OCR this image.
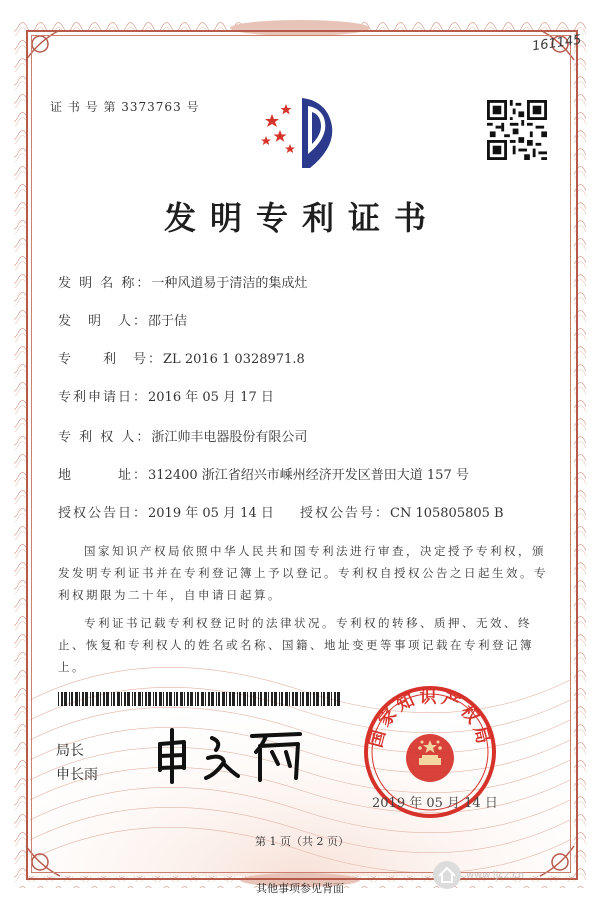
161145
证 书 号 第 3373763 号
发明专利证书
发 明 名 称：一种风道易于清洁的集成灶
发　明　人：邵于佶
专　　利　号：ZL 2016 1 0328971.8
专利申请日：2016 年 05 月 17 日
专 利 权 人：浙江帅丰电器股份有限公司
地　　　址：312400 浙江省绍兴市嵊州经济开发区普田大道 157 号
授权公告日：2019 年 05 月 14 日 授权公告号：CN 105805805 B
国家知识产权局依照中华人民共和国专利法进行审查，决定授予专利权，颁发发明专利证书并在专利登记簿上予以登记。专利权自授权公告之日起生效。专利权期限为二十年，自申请日起算。
专利证书记载专利权登记时的法律状况。专利权的转移、质押、无效、终止、恢复和专利权人的姓名或名称、国籍、地址变更等事项记载在专利登记簿上。
局长
申长雨
国家知识产权局
2019 年 05 月 14 日
第 1 页（共 2 页）
其他事项参见背面
www.ljcz.cn
